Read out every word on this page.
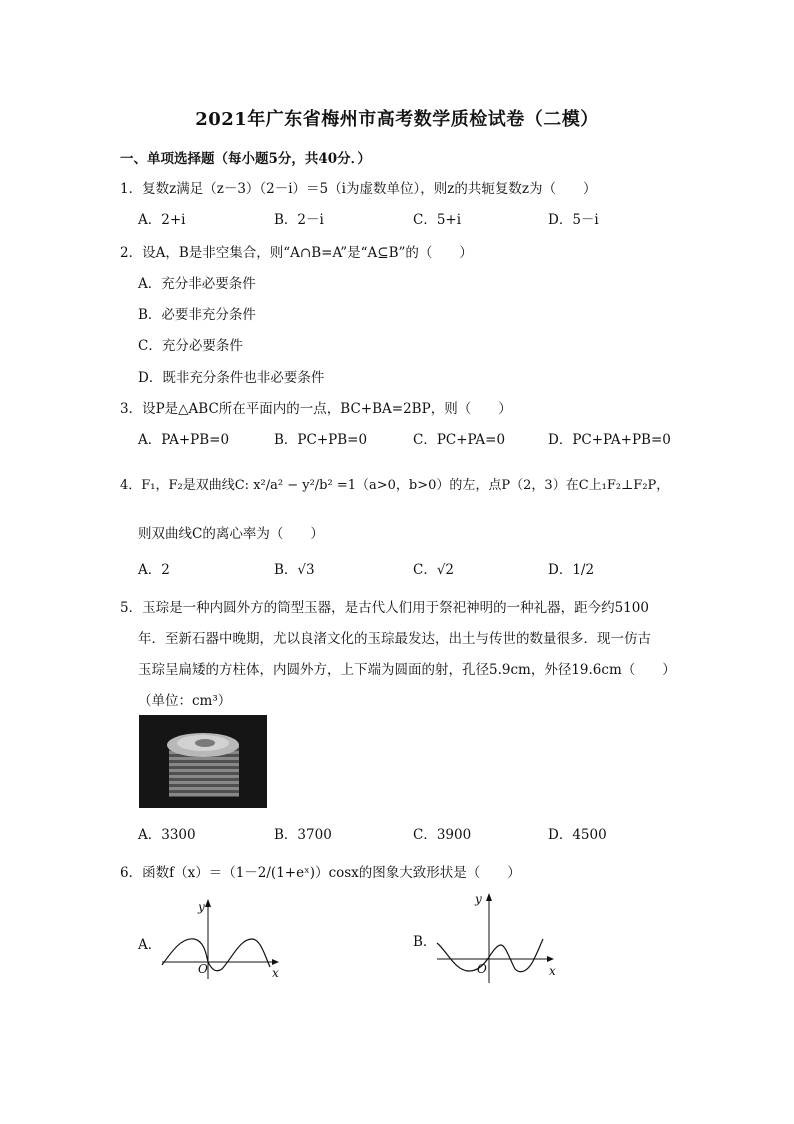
2021年广东省梅州市高考数学质检试卷（二模）
一、单项选择题（每小题5分，共40分．）
1．复数z满足（z－3）（2－i）＝5（i为虚数单位），则z的共轭复数z为（　　）
A．2+i	B．2－i	C．5+i	D．5－i
2．设A，B是非空集合，则“A∩B=A”是“A⊆B”的（　　）
A．充分非必要条件
B．必要非充分条件
C．充分必要条件
D．既非充分条件也非必要条件
3．设P是△ABC所在平面内的一点，BC+BA=2BP，则（　　）
A．PA+PB=0	B．PC+PB=0	C．PC+PA=0	D．PC+PA+PB=0
4．F₁，F₂是双曲线C: x²/a² − y²/b² =1（a>0，b>0）的左，点P（2，3）在C上₁F₂⊥F₂P，
则双曲线C的离心率为（　　）
A．2	B．√3	C．√2	D．1/2
5．玉琮是一种内圆外方的筒型玉器，是古代人们用于祭祀神明的一种礼器，距今约5100
年．至新石器中晚期，尤以良渚文化的玉琮最发达，出土与传世的数量很多．现一仿古
玉琮呈扁矮的方柱体，内圆外方，上下端为圆面的射，孔径5.9cm，外径19.6cm（　　）
（单位：cm³）
A．3300	B．3700	C．3900	D．4500
6．函数f（x）＝（1－2/(1+eˣ)）cosx的图象大致形状是（　　）
A．
y
O	x
B．
y
O	x
